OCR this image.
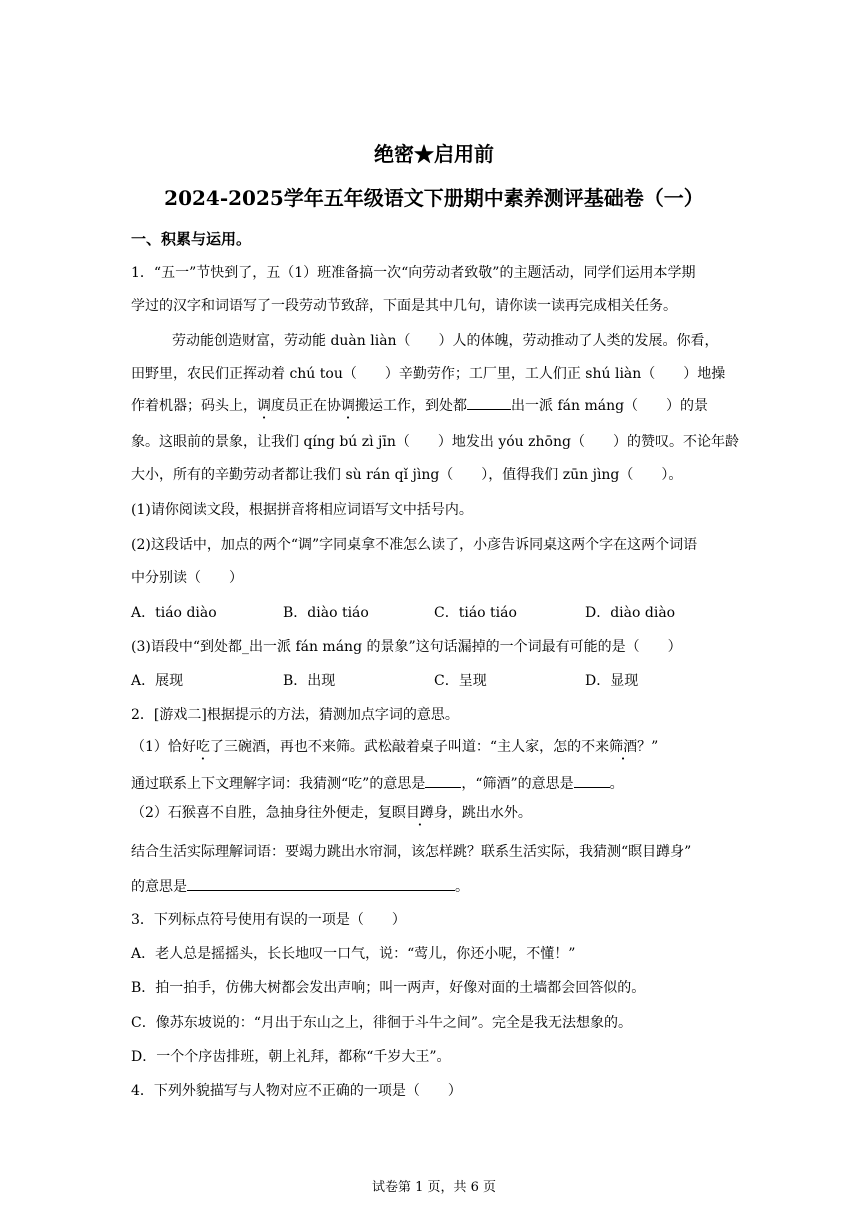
绝密★启用前
2024-2025学年五年级语文下册期中素养测评基础卷（一）
一、积累与运用。
1．“五一”节快到了，五（1）班准备搞一次“向劳动者致敬”的主题活动，同学们运用本学期
学过的汉字和词语写了一段劳动节致辞，下面是其中几句，请你读一读再完成相关任务。
劳动能创造财富，劳动能 duàn liàn（　　）人的体魄，劳动推动了人类的发展。你看，
田野里，农民们正挥动着 chú tou（　　）辛勤劳作；工厂里，工人们正 shú liàn（　　）地操
作着机器；码头上，调度员正在协调搬运工作，到处都	出一派 fán máng（　　）的景
象。这眼前的景象，让我们 qíng bú zì jīn（　　）地发出 yóu zhōng（　　）的赞叹。不论年龄
大小，所有的辛勤劳动者都让我们 sù rán qǐ jìng（　　），值得我们 zūn jìng（　　）。
(1)请你阅读文段，根据拼音将相应词语写文中括号内。
(2)这段话中，加点的两个“调”字同桌拿不准怎么读了，小彦告诉同桌这两个字在这两个词语
中分别读（　　）
A．tiáo diào	B．diào tiáo	C．tiáo tiáo	D．diào diào
(3)语段中“到处都_出一派 fán máng 的景象”这句话漏掉的一个词最有可能的是（　　）
A．展现	B．出现	C．呈现	D．显现
2．[游戏二]根据提示的方法，猜测加点字词的意思。
（1）恰好吃了三碗酒，再也不来筛。武松敲着桌子叫道：“主人家，怎的不来筛酒？”
通过联系上下文理解字词：我猜测“吃”的意思是	，“筛酒”的意思是	。
（2）石猴喜不自胜，急抽身往外便走，复瞑目蹲身，跳出水外。
结合生活实际理解词语：要竭力跳出水帘洞，该怎样跳？联系生活实际，我猜测“瞑目蹲身”
的意思是	。
3．下列标点符号使用有误的一项是（　　）
A．老人总是摇摇头，长长地叹一口气，说：“莺儿，你还小呢，不懂！”
B．拍一拍手，仿佛大树都会发出声响；叫一两声，好像对面的土墙都会回答似的。
C．像苏东坡说的：“月出于东山之上，徘徊于斗牛之间”。完全是我无法想象的。
D．一个个序齿排班，朝上礼拜，都称“千岁大王”。
4．下列外貌描写与人物对应不正确的一项是（　　）
试卷第 1 页，共 6 页
